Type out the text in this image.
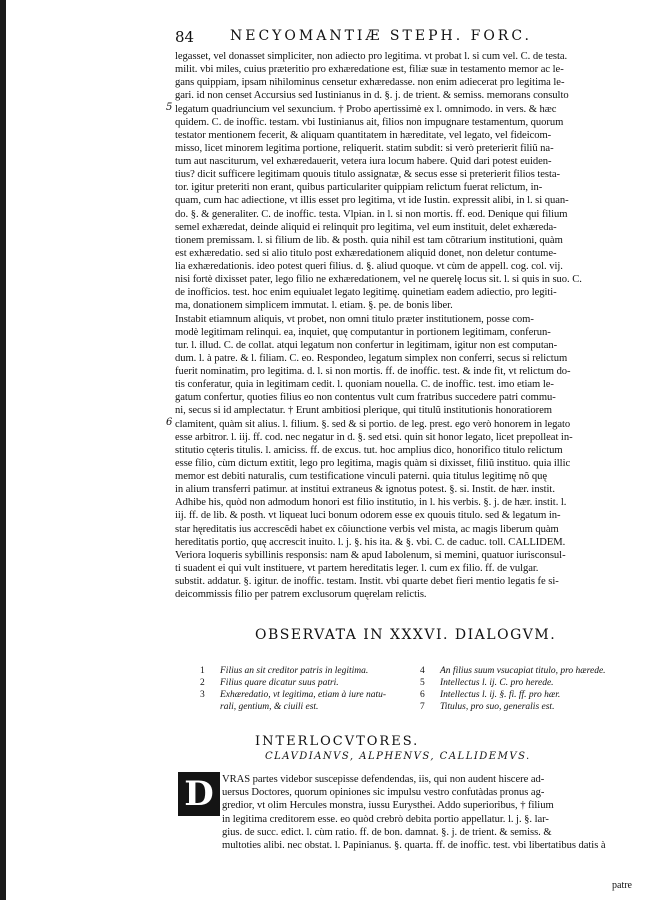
84	NECYOMANTIÆ STEPH. FORC.
legasset, vel donasset simpliciter, non adiecto pro legitima. vt probat l. si cum vel. C. de testa.
milit. vbi miles, cuius præteritio pro exhæredatione est, filiæ suæ in testamento memor ac le-
gans quippiam, ipsam nihilominus censetur exhæredasse. non enim adiecerat pro legitima le-
gari. id non censet Accursius sed Iustinianus in d. §. j. de trient. & semiss. memorans consulto
legatum quadriuncium vel sexuncium. † Probo apertissimè ex l. omnimodo. in vers. & hæc
quidem. C. de inoffic. testam. vbi Iustinianus ait, filios non impugnare testamentum, quorum
testator mentionem fecerit, & aliquam quantitatem in hæreditate, vel legato, vel fideicom-
misso, licet minorem legitima portione, reliquerit. statim subdit: si verò preterierit filiũ na-
tum aut nasciturum, vel exhæredauerit, vetera iura locum habere. Quid dari potest euiden-
tius? dicit sufficere legitimam quouis titulo assignatæ, & secus esse si preterierit filios testa-
tor. igitur preteriti non erant, quibus particulariter quippiam relictum fuerat relictum, in-
quam, cum hac adiectione, vt illis esset pro legitima, vt ide Iustin. expressit alibi, in l. si quan-
do. §. & generaliter. C. de inoffic. testa. Vlpian. in l. si non mortis. ff. eod. Denique qui filium
semel exhæredat, deinde aliquid ei relinquit pro legitima, vel eum instituit, delet exhæreda-
tionem premissam. l. si filium de lib. & posth. quia nihil est tam cõtrarium institutioni, quàm
est exhæredatio. sed si alio titulo post exhæredationem aliquid donet, non deletur contume-
lia exhæredationis. ideo potest queri filius. d. §. aliud quoque. vt cùm de appell. cog. col. vij.
nisi fortè dixisset pater, lego filio ne exhæredationem, vel ne querelę locus sit. l. si quis in suo. C.
de inofficios. test. hoc enim equiualet legato legitimę. quinetiam eadem adiectio, pro legiti-
ma, donationem simplicem immutat. l. etiam. §. pe. de bonis liber.
Instabit etiamnum aliquis, vt probet, non omni titulo præter institutionem, posse com-
modè legitimam relinqui. ea, inquiet, quę computantur in portionem legitimam, conferun-
tur. l. illud. C. de collat. atqui legatum non confertur in legitimam, igitur non est computan-
dum. l. à patre. & l. filiam. C. eo. Respondeo, legatum simplex non conferri, secus si relictum
fuerit nominatim, pro legitima. d. l. si non mortis. ff. de inoffic. test. & inde fit, vt relictum do-
tis conferatur, quia in legitimam cedit. l. quoniam nouella. C. de inoffic. test. imo etiam le-
gatum confertur, quoties filius eo non contentus vult cum fratribus succedere patri commu-
ni, secus si id amplectatur. † Erunt ambitiosi plerique, qui titulũ institutionis honoratiorem
clamitent, quàm sit alius. l. filium. §. sed & si portio. de leg. prest. ego verò honorem in legato
esse arbitror. l. iij. ff. cod. nec negatur in d. §. sed etsi. quin sit honor legato, licet prepolleat in-
stitutio cęteris titulis. l. amiciss. ff. de excus. tut. hoc amplius dico, honorifico titulo relictum
esse filio, cùm dictum extitit, lego pro legitima, magis quàm si dixisset, filiũ instituo. quia illic
memor est debiti naturalis, cum testificatione vinculi paterni. quia titulus legitimę nõ quę
in alium transferri patimur. at institui extraneus & ignotus potest. §. si. Instit. de hær. instit.
Adhibe his, quòd non admodum honori est filio institutio, in l. his verbis. §. j. de hær. instit. l.
iij. ff. de lib. & posth. vt liqueat luci bonum odorem esse ex quouis titulo. sed & legatum in-
star hęreditatis ius accrescẽdi habet ex cõiunctione verbis vel mista, ac magis liberum quàm
hereditatis portio, quę accrescit inuito. l. j. §. his ita. & §. vbi. C. de caduc. toll. CALLIDEM.
Veriora loqueris sybillinis responsis: nam & apud Iabolenum, si memini, quatuor iurisconsul-
ti suadent ei qui vult instituere, vt partem hereditatis leger. l. cum ex filio. ff. de vulgar.
substit. addatur. §. igitur. de inoffic. testam. Instit. vbi quarte debet fieri mentio legatis fe si-
deicommissis filio per patrem exclusorum quęrelam relictis.
5
6
OBSERVATA IN XXXVI. DIALOGVM.
1	Filius an sit creditor patris in legitima.
2	Filius quare dicatur suus patri.
3	Exhæredatio, vt legitima, etiam à iure natu-
rali, gentium, & ciuili est.
4	An filius suum vsucapiat titulo, pro hærede.
5	Intellectus l. ij. C. pro herede.
6	Intellectus l. ij. §. fi. ff. pro hær.
7	Titulus, pro suo, generalis est.
INTERLOCVTORES.
CLAVDIANVS, ALPHENVS, CALLIDEMVS.
D VRAS partes videbor suscepisse defendendas, iis, qui non audent hiscere ad-
uersus Doctores, quorum opiniones sic impulsu vestro confutàdas pronus ag-
gredior, vt olim Hercules monstra, iussu Eurysthei. Addo superioribus, † filium
in legitima creditorem esse. eo quòd crebrò debita portio appellatur. l. j. §. lar-
gius. de succ. edict. l. cùm ratio. ff. de bon. damnat. §. j. de trient. & semiss. &
multoties alibi. nec obstat. l. Papinianus. §. quarta. ff. de inoffic. test. vbi libertatibus datis à
patre
